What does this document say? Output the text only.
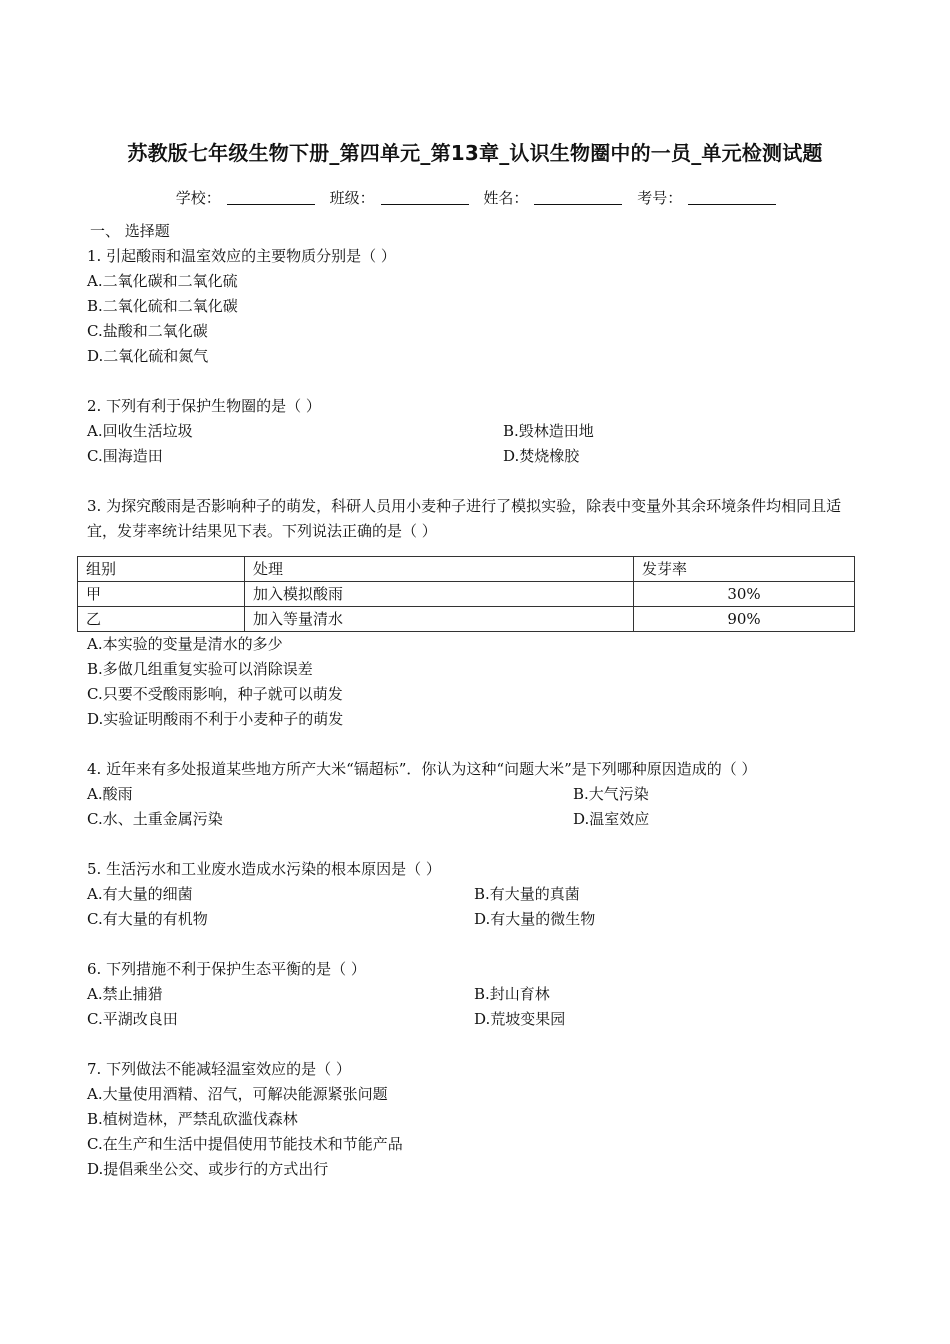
苏教版七年级生物下册_第四单元_第13章_认识生物圈中的一员_单元检测试题
学校：	班级：	姓名：	考号：
一、 选择题
1. 引起酸雨和温室效应的主要物质分别是（ ）
A.二氧化碳和二氧化硫
B.二氧化硫和二氧化碳
C.盐酸和二氧化碳
D.二氧化硫和氮气
2. 下列有利于保护生物圈的是（ ）
A.回收生活垃圾	B.毁林造田地
C.围海造田	D.焚烧橡胶
3. 为探究酸雨是否影响种子的萌发，科研人员用小麦种子进行了模拟实验，除表中变量外其余环境条件均相同且适宜，发芽率统计结果见下表。下列说法正确的是（ ）
组别	处理	发芽率
甲	加入模拟酸雨	30%
乙	加入等量清水	90%
A.本实验的变量是清水的多少
B.多做几组重复实验可以消除误差
C.只要不受酸雨影响，种子就可以萌发
D.实验证明酸雨不利于小麦种子的萌发
4. 近年来有多处报道某些地方所产大米“镉超标”．你认为这种“问题大米”是下列哪种原因造成的（ ）
A.酸雨	B.大气污染
C.水、土重金属污染	D.温室效应
5. 生活污水和工业废水造成水污染的根本原因是（ ）
A.有大量的细菌	B.有大量的真菌
C.有大量的有机物	D.有大量的微生物
6. 下列措施不利于保护生态平衡的是（ ）
A.禁止捕猎	B.封山育林
C.平湖改良田	D.荒坡变果园
7. 下列做法不能减轻温室效应的是（ ）
A.大量使用酒精、沼气，可解决能源紧张问题
B.植树造林，严禁乱砍滥伐森林
C.在生产和生活中提倡使用节能技术和节能产品
D.提倡乘坐公交、或步行的方式出行
